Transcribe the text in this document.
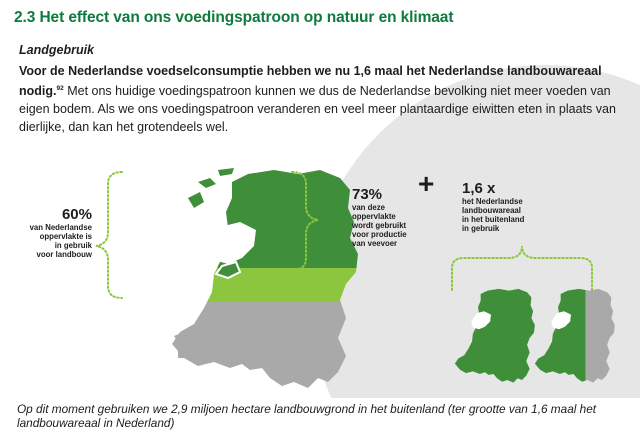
2.3 Het effect van ons voedingspatroon op natuur en klimaat
Landgebruik
Voor de Nederlandse voedselconsumptie hebben we nu 1,6 maal het Nederlandse landbouwareaal nodig.$^{92}$ Met ons huidige voedingspatroon kunnen we dus de Nederlandse bevolking niet meer voeden van eigen bodem. Als we ons voedingspatroon veranderen en veel meer plantaardige eiwitten eten in plaats van dierlijke, dan kan het grotendeels wel.
60%
van Nederlandse
oppervlakte is
in gebruik
voor landbouw
73%
van deze
oppervlakte
wordt gebruikt
voor productie
van veevoer
+ 1,6 x
het Nederlandse
landbouwareaal
in het buitenland
in gebruik
Op dit moment gebruiken we 2,9 miljoen hectare landbouwgrond in het buitenland (ter grootte van 1,6 maal het landbouwareaal in Nederland)
